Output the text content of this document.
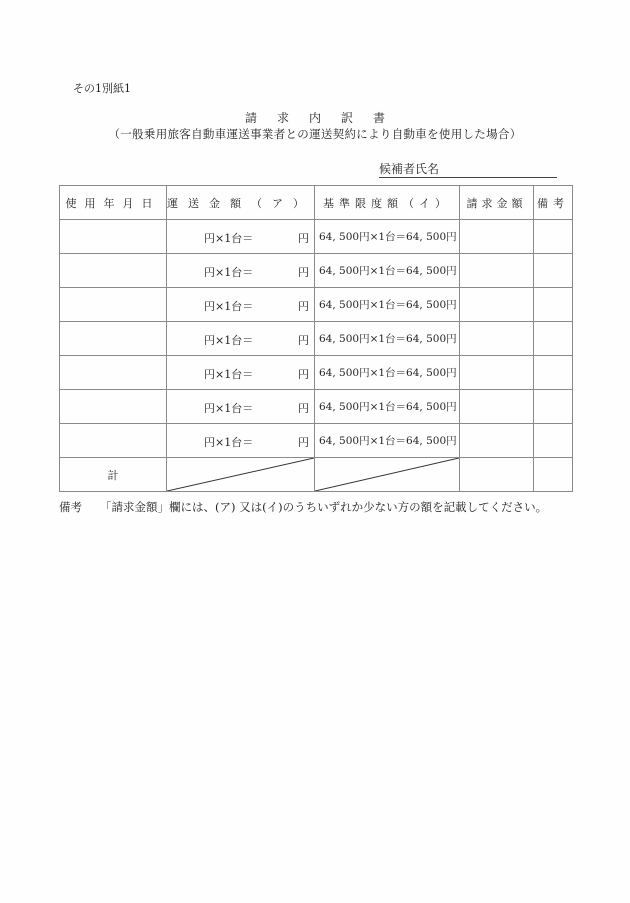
その1別紙1
請求内訳書
（一般乗用旅客自動車運送事業者との運送契約により自動車を使用した場合）
候補者氏名
使用年月日	運送金額（ア）	基準限度額（イ）	請求金額	備考

	円×1台＝ 円	64, 500円×1台＝64, 500円		

	円×1台＝ 円	64, 500円×1台＝64, 500円		

	円×1台＝ 円	64, 500円×1台＝64, 500円		

	円×1台＝ 円	64, 500円×1台＝64, 500円		

	円×1台＝ 円	64, 500円×1台＝64, 500円		

	円×1台＝ 円	64, 500円×1台＝64, 500円		

	円×1台＝ 円	64, 500円×1台＝64, 500円		
計	

備考 「請求金額」欄には、(ア) 又は(イ)のうちいずれか少ない方の額を記載してください。
